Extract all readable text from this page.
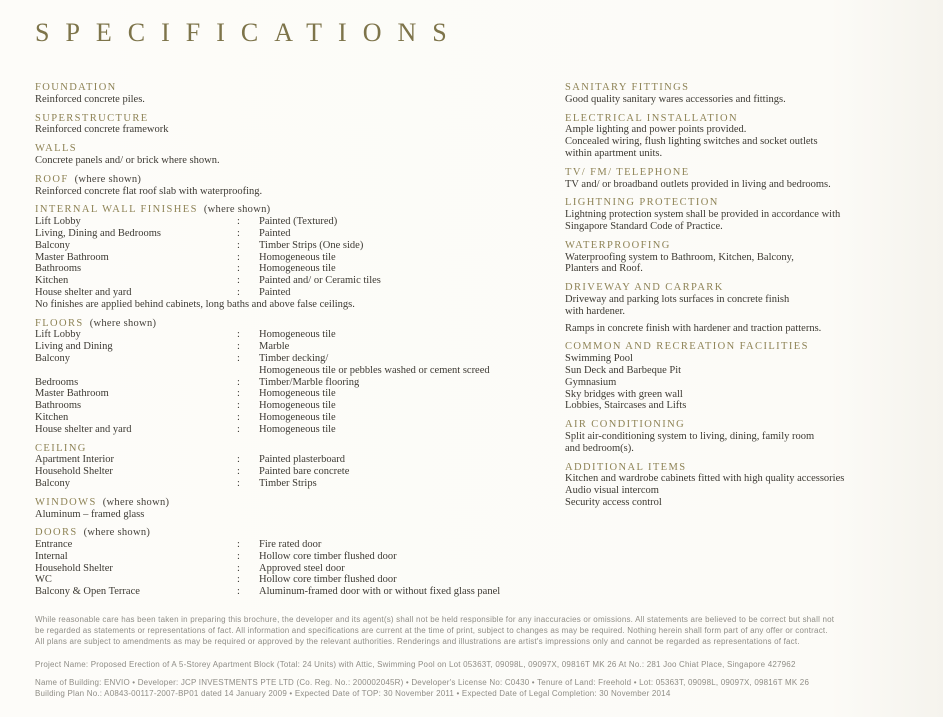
SPECIFICATIONS
FOUNDATION
Reinforced concrete piles.
SUPERSTRUCTURE
Reinforced concrete framework
WALLS
Concrete panels and/ or brick where shown.
ROOF (where shown)
Reinforced concrete flat roof slab with waterproofing.
INTERNAL WALL FINISHES (where shown)
Lift Lobby	:	Painted (Textured)
Living, Dining and Bedrooms	:	Painted
Balcony	:	Timber Strips (One side)
Master Bathroom	:	Homogeneous tile
Bathrooms	:	Homogeneous tile
Kitchen	:	Painted and/ or Ceramic tiles
House shelter and yard	:	Painted
No finishes are applied behind cabinets, long baths and above false ceilings.
FLOORS (where shown)
Lift Lobby	:	Homogeneous tile
Living and Dining	:	Marble
Balcony	:	Timber decking/
Homogeneous tile or pebbles washed or cement screed
Bedrooms	:	Timber/Marble flooring
Master Bathroom	:	Homogeneous tile
Bathrooms	:	Homogeneous tile
Kitchen	:	Homogeneous tile
House shelter and yard	:	Homogeneous tile
CEILING
Apartment Interior	:	Painted plasterboard
Household Shelter	:	Painted bare concrete
Balcony	:	Timber Strips
WINDOWS (where shown)
Aluminum – framed glass
DOORS (where shown)
Entrance	:	Fire rated door
Internal	:	Hollow core timber flushed door
Household Shelter	:	Approved steel door
WC	:	Hollow core timber flushed door
Balcony & Open Terrace	:	Aluminum-framed door with or without fixed glass panel
SANITARY FITTINGS
Good quality sanitary wares accessories and fittings.
ELECTRICAL INSTALLATION
Ample lighting and power points provided.
Concealed wiring, flush lighting switches and socket outlets
within apartment units.
TV/ FM/ TELEPHONE
TV and/ or broadband outlets provided in living and bedrooms.
LIGHTNING PROTECTION
Lightning protection system shall be provided in accordance with
Singapore Standard Code of Practice.
WATERPROOFING
Waterproofing system to Bathroom, Kitchen, Balcony,
Planters and Roof.
DRIVEWAY AND CARPARK
Driveway and parking lots surfaces in concrete finish
with hardener.
Ramps in concrete finish with hardener and traction patterns.
COMMON AND RECREATION FACILITIES
Swimming Pool
Sun Deck and Barbeque Pit
Gymnasium
Sky bridges with green wall
Lobbies, Staircases and Lifts
AIR CONDITIONING
Split air-conditioning system to living, dining, family room
and bedroom(s).
ADDITIONAL ITEMS
Kitchen and wardrobe cabinets fitted with high quality accessories
Audio visual intercom
Security access control
While reasonable care has been taken in preparing this brochure, the developer and its agent(s) shall not be held responsible for any inaccuracies or omissions. All statements are believed to be correct but shall not
be regarded as statements or representations of fact. All information and specifications are current at the time of print, subject to changes as may be required. Nothing herein shall form part of any offer or contract.
All plans are subject to amendments as may be required or approved by the relevant authorities. Renderings and illustrations are artist's impressions only and cannot be regarded as representations of fact.
Project Name: Proposed Erection of A 5-Storey Apartment Block (Total: 24 Units) with Attic, Swimming Pool on Lot 05363T, 09098L, 09097X, 09816T MK 26 At No.: 281 Joo Chiat Place, Singapore 427962
Name of Building: ENVIO • Developer: JCP INVESTMENTS PTE LTD (Co. Reg. No.: 200002045R) • Developer's License No: C0430 • Tenure of Land: Freehold • Lot: 05363T, 09098L, 09097X, 09816T MK 26
Building Plan No.: A0843-00117-2007-BP01 dated 14 January 2009 • Expected Date of TOP: 30 November 2011 • Expected Date of Legal Completion: 30 November 2014
